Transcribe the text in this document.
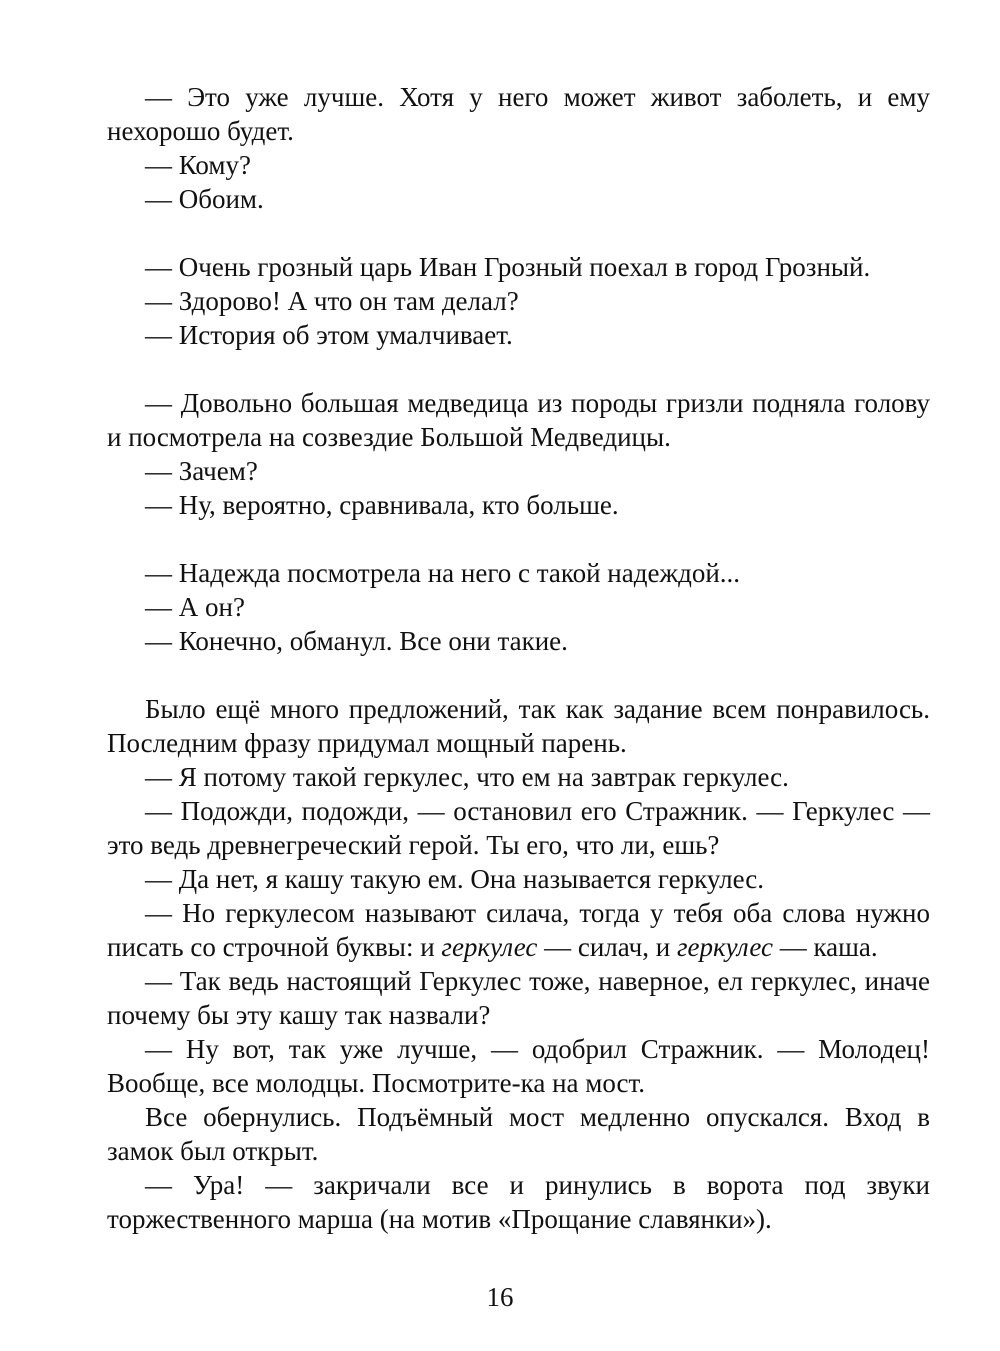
— Это уже лучше. Хотя у него может живот заболеть, и ему нехорошо будет.

— Кому?

— Обоим.

— Очень грозный царь Иван Грозный поехал в город Грозный.

— Здорово! А что он там делал?

— История об этом умалчивает.

— Довольно большая медведица из породы гризли подняла голову и посмотрела на созвездие Большой Медведицы.

— Зачем?

— Ну, вероятно, сравнивала, кто больше.

— Надежда посмотрела на него с такой надеждой...

— А он?

— Конечно, обманул. Все они такие.

Было ещё много предложений, так как задание всем понравилось. Последним фразу придумал мощный парень.

— Я потому такой геркулес, что ем на завтрак геркулес.

— Подожди, подожди, — остановил его Стражник. — Геркулес — это ведь древнегреческий герой. Ты его, что ли, ешь?

— Да нет, я кашу такую ем. Она называется геркулес.

— Но геркулесом называют силача, тогда у тебя оба слова нужно писать со строчной буквы: и геркулес — силач, и геркулес — каша.

— Так ведь настоящий Геркулес тоже, наверное, ел геркулес, иначе почему бы эту кашу так назвали?

— Ну вот, так уже лучше, — одобрил Стражник. — Молодец! Вообще, все молодцы. Посмотрите-ка на мост.

Все обернулись. Подъёмный мост медленно опускался. Вход в замок был открыт.

— Ура! — закричали все и ринулись в ворота под звуки торжественного марша (на мотив «Прощание славянки»).

16
